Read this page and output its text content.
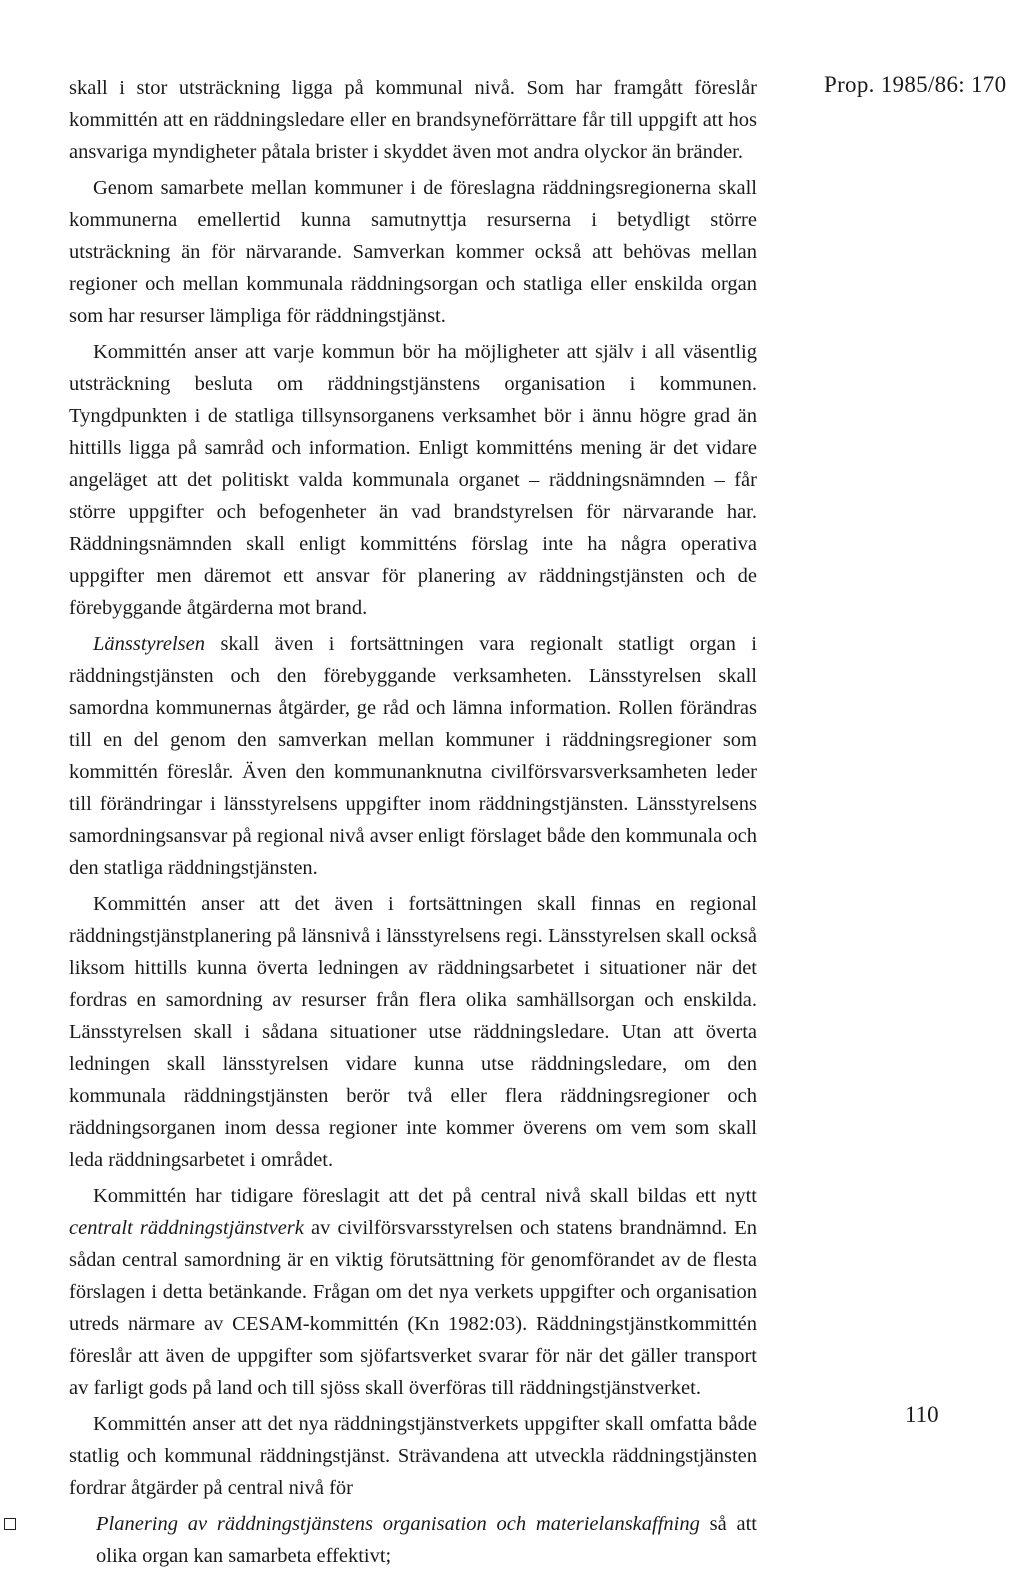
Prop. 1985/86: 170

skall i stor utsträckning ligga på kommunal nivå. Som har framgått föreslår kommittén att en räddningsledare eller en brandsyneförrättare får till uppgift att hos ansvariga myndigheter påtala brister i skyddet även mot andra olyckor än bränder.

Genom samarbete mellan kommuner i de föreslagna räddningsregionerna skall kommunerna emellertid kunna samutnyttja resurserna i betydligt större utsträckning än för närvarande. Samverkan kommer också att behövas mellan regioner och mellan kommunala räddningsorgan och statliga eller enskilda organ som har resurser lämpliga för räddningstjänst.

Kommittén anser att varje kommun bör ha möjligheter att själv i all väsentlig utsträckning besluta om räddningstjänstens organisation i kommunen. Tyngdpunkten i de statliga tillsynsorganens verksamhet bör i ännu högre grad än hittills ligga på samråd och information. Enligt kommitténs mening är det vidare angeläget att det politiskt valda kommunala organet – räddningsnämnden – får större uppgifter och befogenheter än vad brandstyrelsen för närvarande har. Räddningsnämnden skall enligt kommitténs förslag inte ha några operativa uppgifter men däremot ett ansvar för planering av räddningstjänsten och de förebyggande åtgärderna mot brand.

Länsstyrelsen skall även i fortsättningen vara regionalt statligt organ i räddningstjänsten och den förebyggande verksamheten. Länsstyrelsen skall samordna kommunernas åtgärder, ge råd och lämna information. Rollen förändras till en del genom den samverkan mellan kommuner i räddningsregioner som kommittén föreslår. Även den kommunanknutna civilförsvarsverksamheten leder till förändringar i länsstyrelsens uppgifter inom räddningstjänsten. Länsstyrelsens samordningsansvar på regional nivå avser enligt förslaget både den kommunala och den statliga räddningstjänsten.

Kommittén anser att det även i fortsättningen skall finnas en regional räddningstjänstplanering på länsnivå i länsstyrelsens regi. Länsstyrelsen skall också liksom hittills kunna överta ledningen av räddningsarbetet i situationer när det fordras en samordning av resurser från flera olika samhällsorgan och enskilda. Länsstyrelsen skall i sådana situationer utse räddningsledare. Utan att överta ledningen skall länsstyrelsen vidare kunna utse räddningsledare, om den kommunala räddningstjänsten berör två eller flera räddningsregioner och räddningsorganen inom dessa regioner inte kommer överens om vem som skall leda räddningsarbetet i området.

Kommittén har tidigare föreslagit att det på central nivå skall bildas ett nytt centralt räddningstjänstverk av civilförsvarsstyrelsen och statens brandnämnd. En sådan central samordning är en viktig förutsättning för genomförandet av de flesta förslagen i detta betänkande. Frågan om det nya verkets uppgifter och organisation utreds närmare av CESAM-kommittén (Kn 1982:03). Räddningstjänstkommittén föreslår att även de uppgifter som sjöfartsverket svarar för när det gäller transport av farligt gods på land och till sjöss skall överföras till räddningstjänstverket.

Kommittén anser att det nya räddningstjänstverkets uppgifter skall omfatta både statlig och kommunal räddningstjänst. Strävandena att utveckla räddningstjänsten fordrar åtgärder på central nivå för

Planering av räddningstjänstens organisation och materielanskaffning så att olika organ kan samarbeta effektivt;

110
